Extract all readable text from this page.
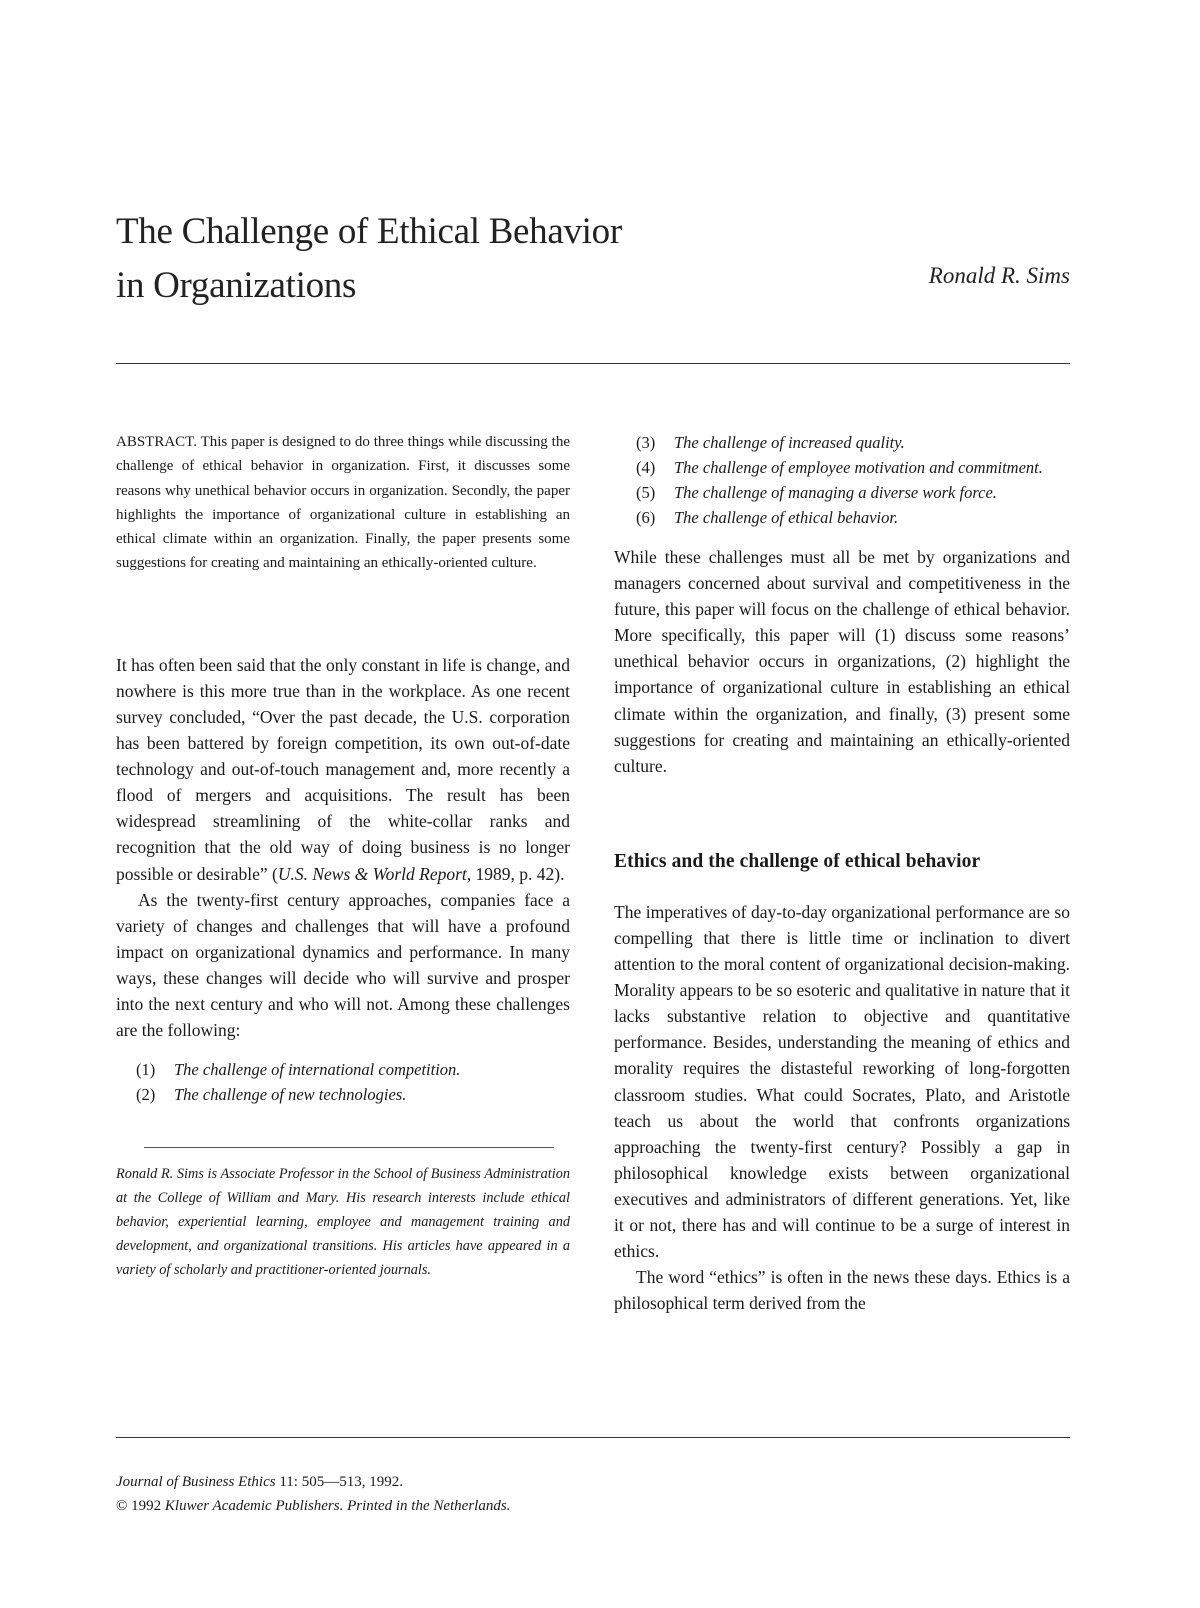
The Challenge of Ethical Behavior
in Organizations	Ronald R. Sims

ABSTRACT. This paper is designed to do three things while discussing the challenge of ethical behavior in organization. First, it discusses some reasons why unethical behavior occurs in organization. Secondly, the paper highlights the importance of organizational culture in establishing an ethical climate within an organization. Finally, the paper presents some suggestions for creating and maintaining an ethically-oriented culture.

It has often been said that the only constant in life is change, and nowhere is this more true than in the workplace. As one recent survey concluded, “Over the past decade, the U.S. corporation has been battered by foreign competition, its own out-of-date technology and out-of-touch management and, more recently a flood of mergers and acquisitions. The result has been widespread streamlining of the white-collar ranks and recognition that the old way of doing business is no longer possible or desirable” (U.S. News & World Report, 1989, p. 42).

As the twenty-first century approaches, companies face a variety of changes and challenges that will have a profound impact on organizational dynamics and performance. In many ways, these changes will decide who will survive and prosper into the next century and who will not. Among these challenges are the following:

(1)	The challenge of international competition.
(2)	The challenge of new technologies.

Ronald R. Sims is Associate Professor in the School of Business Administration at the College of William and Mary. His research interests include ethical behavior, experiential learning, employee and management training and development, and organizational transitions. His articles have appeared in a variety of scholarly and practitioner-oriented journals.

(3)	The challenge of increased quality.
(4)	The challenge of employee motivation and commitment.
(5)	The challenge of managing a diverse work force.
(6)	The challenge of ethical behavior.

While these challenges must all be met by organizations and managers concerned about survival and competitiveness in the future, this paper will focus on the challenge of ethical behavior. More specifically, this paper will (1) discuss some reasons’ unethical behavior occurs in organizations, (2) highlight the importance of organizational culture in establishing an ethical climate within the organization, and finally, (3) present some suggestions for creating and maintaining an ethically-oriented culture.

Ethics and the challenge of ethical behavior

The imperatives of day-to-day organizational performance are so compelling that there is little time or inclination to divert attention to the moral content of organizational decision-making. Morality appears to be so esoteric and qualitative in nature that it lacks substantive relation to objective and quantitative performance. Besides, understanding the meaning of ethics and morality requires the distasteful reworking of long-forgotten classroom studies. What could Socrates, Plato, and Aristotle teach us about the world that confronts organizations approaching the twenty-first century? Possibly a gap in philosophical knowledge exists between organizational executives and administrators of different generations. Yet, like it or not, there has and will continue to be a surge of interest in ethics.

The word “ethics” is often in the news these days. Ethics is a philosophical term derived from the

Journal of Business Ethics 11: 505—513, 1992.
© 1992 Kluwer Academic Publishers. Printed in the Netherlands.
